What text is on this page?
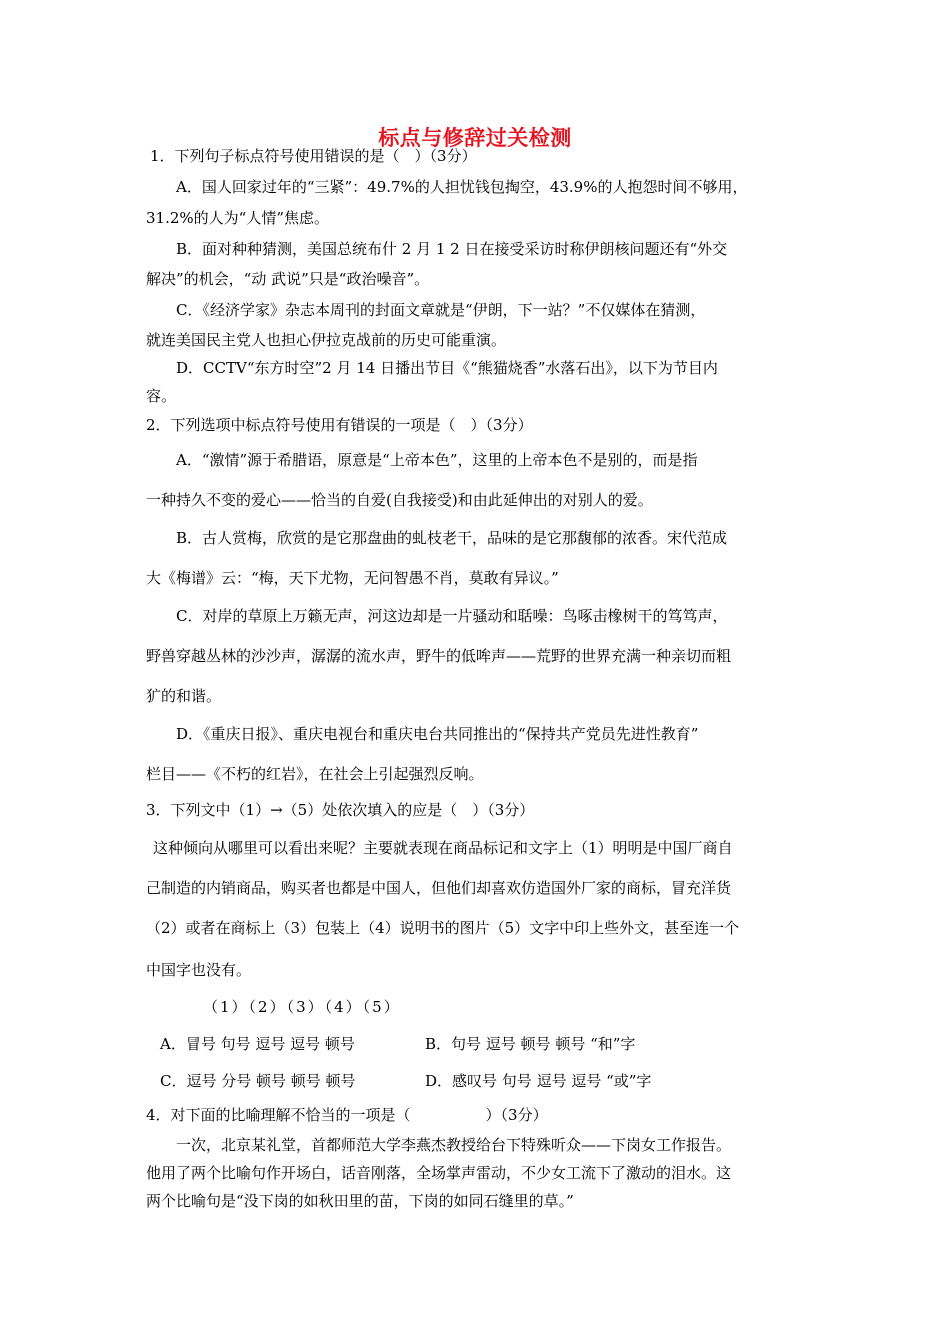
标点与修辞过关检测
1．下列句子标点符号使用错误的是（　）（3分）
A．国人回家过年的“三紧”：49.7%的人担忧钱包掏空，43.9%的人抱怨时间不够用，
31.2%的人为“人情”焦虑。
B．面对种种猜测，美国总统布什 2 月 1 2 日在接受采访时称伊朗核问题还有“外交
解决”的机会，“动 武说”只是“政治噪音”。
C．《经济学家》杂志本周刊的封面文章就是“伊朗，下一站？”不仅媒体在猜测，
就连美国民主党人也担心伊拉克战前的历史可能重演。
D．CCTV“东方时空”2 月 14 日播出节目《“熊猫烧香”水落石出》，以下为节目内
容。
2．下列选项中标点符号使用有错误的一项是（　）（3分）
A．“激情”源于希腊语，原意是“上帝本色”，这里的上帝本色不是别的，而是指
一种持久不变的爱心——恰当的自爱(自我接受)和由此延伸出的对别人的爱。
B．古人赏梅，欣赏的是它那盘曲的虬枝老干，品味的是它那馥郁的浓香。宋代范成
大《梅谱》云：“梅，天下尤物，无问智愚不肖，莫敢有异议。”
C．对岸的草原上万籁无声，河这边却是一片骚动和聒噪：鸟啄击橡树干的笃笃声，
野兽穿越丛林的沙沙声，潺潺的流水声，野牛的低哞声——荒野的世界充满一种亲切而粗
犷的和谐。
D．《重庆日报》、重庆电视台和重庆电台共同推出的“保持共产党员先进性教育”
栏目——《不朽的红岩》，在社会上引起强烈反响。
3．下列文中（1）→（5）处依次填入的应是（　）（3分）
这种倾向从哪里可以看出来呢？主要就表现在商品标记和文字上（1）明明是中国厂商自
己制造的内销商品，购买者也都是中国人，但他们却喜欢仿造国外厂家的商标，冒充洋货
（2）或者在商标上（3）包装上（4）说明书的图片（5）文字中印上些外文，甚至连一个
中国字也没有。
（1）（2）（3）（4）（5）
A．冒号 句号 逗号 逗号 顿号	B．句号 逗号 顿号 顿号 “和”字
C．逗号 分号 顿号 顿号 顿号	D．感叹号 句号 逗号 逗号 “或”字
4．对下面的比喻理解不恰当的一项是（　　　　　）（3分）
一次，北京某礼堂，首都师范大学李燕杰教授给台下特殊听众——下岗女工作报告。
他用了两个比喻句作开场白，话音刚落，全场掌声雷动，不少女工流下了激动的泪水。这
两个比喻句是“没下岗的如秋田里的苗，下岗的如同石缝里的草。”
